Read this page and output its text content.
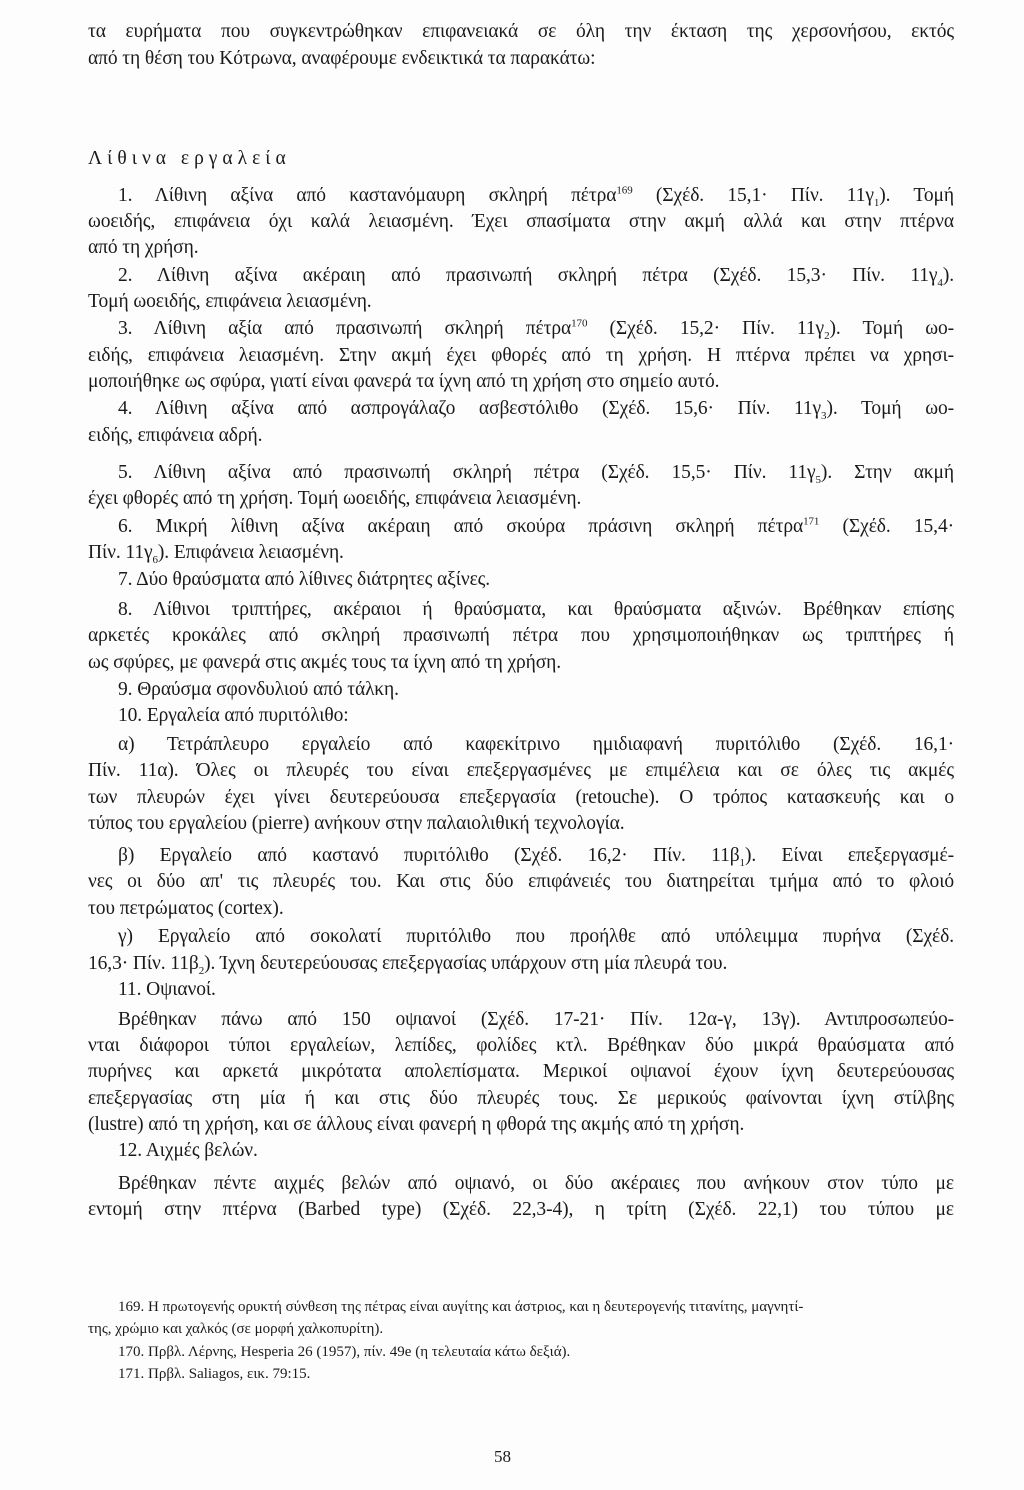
τα ευρήματα που συγκεντρώθηκαν επιφανειακά σε όλη την έκταση της χερσονήσου, εκτός
από τη θέση του Κότρωνα, αναφέρουμε ενδεικτικά τα παρακάτω:
Λίθινα εργαλεία
1. Λίθινη αξίνα από καστανόμαυρη σκληρή πέτρα$^{169}$ (Σχέδ. 15,1· Πίν. $11\gamma_1$). Τομή
ωοειδής, επιφάνεια όχι καλά λειασμένη. Έχει σπασίματα στην ακμή αλλά και στην πτέρνα
από τη χρήση.
2. Λίθινη αξίνα ακέραιη από πρασινωπή σκληρή πέτρα (Σχέδ. 15,3· Πίν. $11\gamma_4$).
Τομή ωοειδής, επιφάνεια λειασμένη.
3. Λίθινη αξία από πρασινωπή σκληρή πέτρα$^{170}$ (Σχέδ. 15,2· Πίν. $11\gamma_2$). Τομή ωο-
ειδής, επιφάνεια λειασμένη. Στην ακμή έχει φθορές από τη χρήση. Η πτέρνα πρέπει να χρησι-
μοποιήθηκε ως σφύρα, γιατί είναι φανερά τα ίχνη από τη χρήση στο σημείο αυτό.
4. Λίθινη αξίνα από ασπρογάλαζο ασβεστόλιθο (Σχέδ. 15,6· Πίν. $11\gamma_3$). Τομή ωο-
ειδής, επιφάνεια αδρή.
5. Λίθινη αξίνα από πρασινωπή σκληρή πέτρα (Σχέδ. 15,5· Πίν. $11\gamma_5$). Στην ακμή
έχει φθορές από τη χρήση. Τομή ωοειδής, επιφάνεια λειασμένη.
6. Μικρή λίθινη αξίνα ακέραιη από σκούρα πράσινη σκληρή πέτρα$^{171}$ (Σχέδ. 15,4·
Πίν. $11\gamma_6$). Επιφάνεια λειασμένη.
7. Δύο θραύσματα από λίθινες διάτρητες αξίνες.
8. Λίθινοι τριπτήρες, ακέραιοι ή θραύσματα, και θραύσματα αξινών. Βρέθηκαν επίσης
αρκετές κροκάλες από σκληρή πρασινωπή πέτρα που χρησιμοποιήθηκαν ως τριπτήρες ή
ως σφύρες, με φανερά στις ακμές τους τα ίχνη από τη χρήση.
9. Θραύσμα σφονδυλιού από τάλκη.
10. Εργαλεία από πυριτόλιθο:
α) Τετράπλευρο εργαλείο από καφεκίτρινο ημιδιαφανή πυριτόλιθο (Σχέδ. 16,1·
Πίν. 11α). Όλες οι πλευρές του είναι επεξεργασμένες με επιμέλεια και σε όλες τις ακμές
των πλευρών έχει γίνει δευτερεύουσα επεξεργασία (retouche). Ο τρόπος κατασκευής και ο
τύπος του εργαλείου (pierre) ανήκουν στην παλαιολιθική τεχνολογία.
β) Εργαλείο από καστανό πυριτόλιθο (Σχέδ. 16,2· Πίν. $11\beta_1$). Είναι επεξεργασμέ-
νες οι δύο απ' τις πλευρές του. Και στις δύο επιφάνειές του διατηρείται τμήμα από το φλοιό
του πετρώματος (cortex).
γ) Εργαλείο από σοκολατί πυριτόλιθο που προήλθε από υπόλειμμα πυρήνα (Σχέδ.
16,3· Πίν. $11\beta_2$). Ίχνη δευτερεύουσας επεξεργασίας υπάρχουν στη μία πλευρά του.
11. Οψιανοί.
Βρέθηκαν πάνω από 150 οψιανοί (Σχέδ. 17-21· Πίν. 12α-γ, 13γ). Αντιπροσωπεύο-
νται διάφοροι τύποι εργαλείων, λεπίδες, φολίδες κτλ. Βρέθηκαν δύο μικρά θραύσματα από
πυρήνες και αρκετά μικρότατα απολεπίσματα. Μερικοί οψιανοί έχουν ίχνη δευτερεύουσας
επεξεργασίας στη μία ή και στις δύο πλευρές τους. Σε μερικούς φαίνονται ίχνη στίλβης
(lustre) από τη χρήση, και σε άλλους είναι φανερή η φθορά της ακμής από τη χρήση.
12. Αιχμές βελών.
Βρέθηκαν πέντε αιχμές βελών από οψιανό, οι δύο ακέραιες που ανήκουν στον τύπο με
εντομή στην πτέρνα (Barbed type) (Σχέδ. 22,3-4), η τρίτη (Σχέδ. 22,1) του τύπου με
169. Η πρωτογενής ορυκτή σύνθεση της πέτρας είναι αυγίτης και άστριος, και η δευτερογενής τιτανίτης, μαγνητί-
της, χρώμιο και χαλκός (σε μορφή χαλκοπυρίτη).
170. Πρβλ. Λέρνης, Hesperia 26 (1957), πίν. 49e (η τελευταία κάτω δεξιά).
171. Πρβλ. Saliagos, εικ. 79:15.
58
